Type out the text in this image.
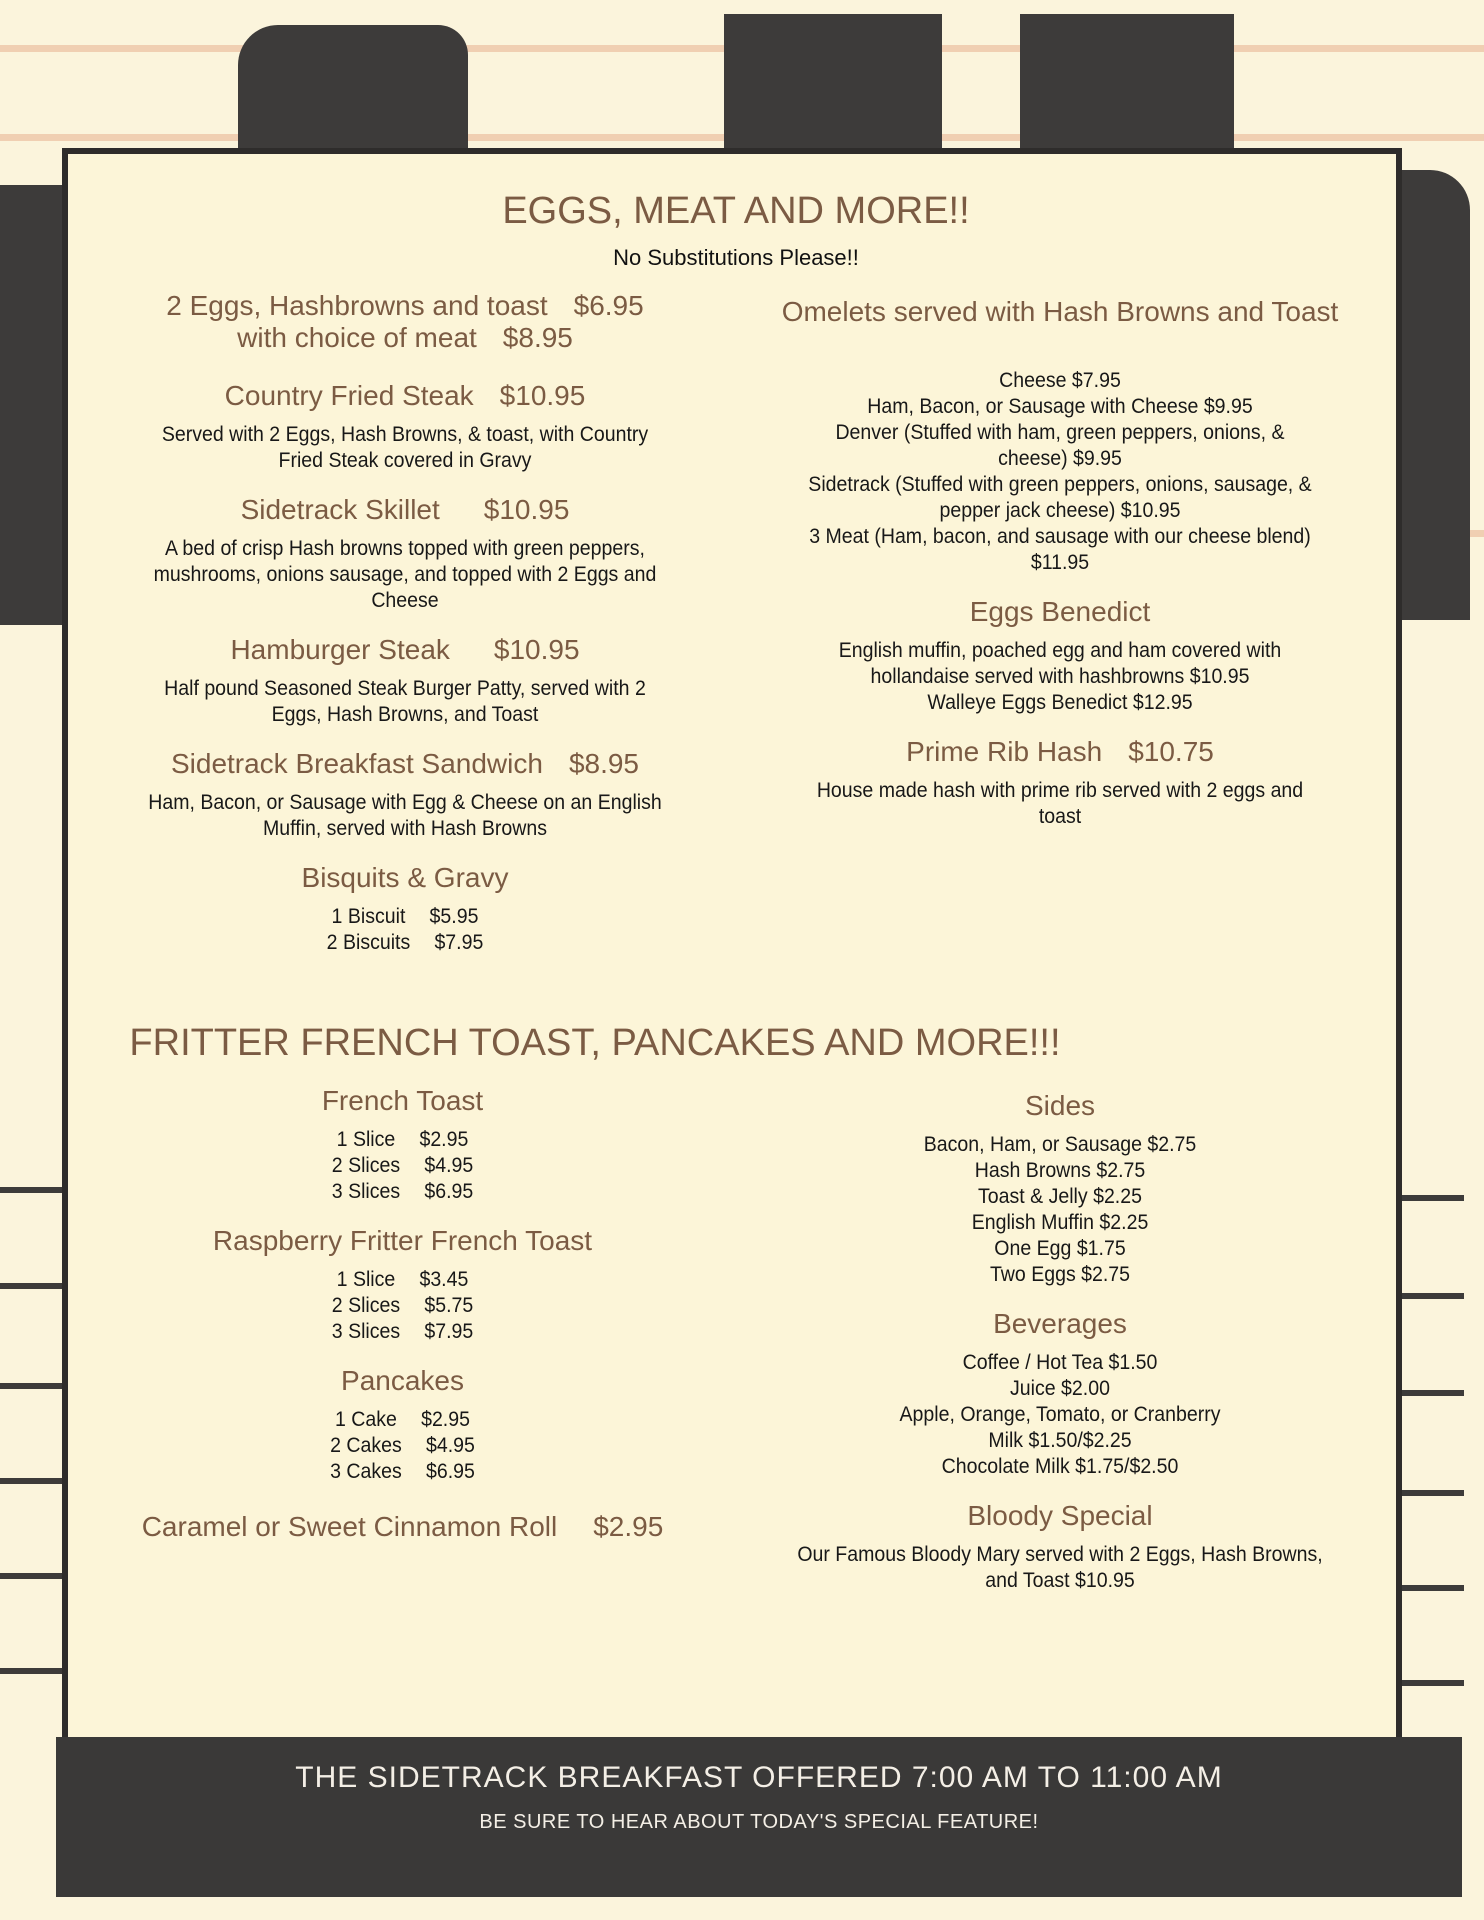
EGGS, MEAT AND MORE!!
No Substitutions Please!!
2 Eggs, Hashbrowns and toast $6.95
with choice of meat $8.95
Country Fried Steak $10.95
Served with 2 Eggs, Hash Browns, & toast, with Country
Fried Steak covered in Gravy
Sidetrack Skillet $10.95
A bed of crisp Hash browns topped with green peppers,
mushrooms, onions sausage, and topped with 2 Eggs and
Cheese
Hamburger Steak $10.95
Half pound Seasoned Steak Burger Patty, served with 2
Eggs, Hash Browns, and Toast
Sidetrack Breakfast Sandwich $8.95
Ham, Bacon, or Sausage with Egg & Cheese on an English
Muffin, served with Hash Browns
Bisquits & Gravy
1 Biscuit $5.95
2 Biscuits $7.95
Omelets served with Hash Browns and Toast
Cheese $7.95
Ham, Bacon, or Sausage with Cheese $9.95
Denver (Stuffed with ham, green peppers, onions, &
cheese) $9.95
Sidetrack (Stuffed with green peppers, onions, sausage, &
pepper jack cheese) $10.95
3 Meat (Ham, bacon, and sausage with our cheese blend)
$11.95
Eggs Benedict
English muffin, poached egg and ham covered with
hollandaise served with hashbrowns $10.95
Walleye Eggs Benedict $12.95
Prime Rib Hash $10.75
House made hash with prime rib served with 2 eggs and
toast
FRITTER FRENCH TOAST, PANCAKES AND MORE!!!
French Toast
1 Slice $2.95
2 Slices $4.95
3 Slices $6.95
Raspberry Fritter French Toast
1 Slice $3.45
2 Slices $5.75
3 Slices $7.95
Pancakes
1 Cake $2.95
2 Cakes $4.95
3 Cakes $6.95
Caramel or Sweet Cinnamon Roll $2.95
Sides
Bacon, Ham, or Sausage $2.75
Hash Browns $2.75
Toast & Jelly $2.25
English Muffin $2.25
One Egg $1.75
Two Eggs $2.75
Beverages
Coffee / Hot Tea $1.50
Juice $2.00
Apple, Orange, Tomato, or Cranberry
Milk $1.50/$2.25
Chocolate Milk $1.75/$2.50
Bloody Special
Our Famous Bloody Mary served with 2 Eggs, Hash Browns,
and Toast $10.95
THE SIDETRACK BREAKFAST OFFERED 7:00 AM TO 11:00 AM
BE SURE TO HEAR ABOUT TODAY'S SPECIAL FEATURE!
